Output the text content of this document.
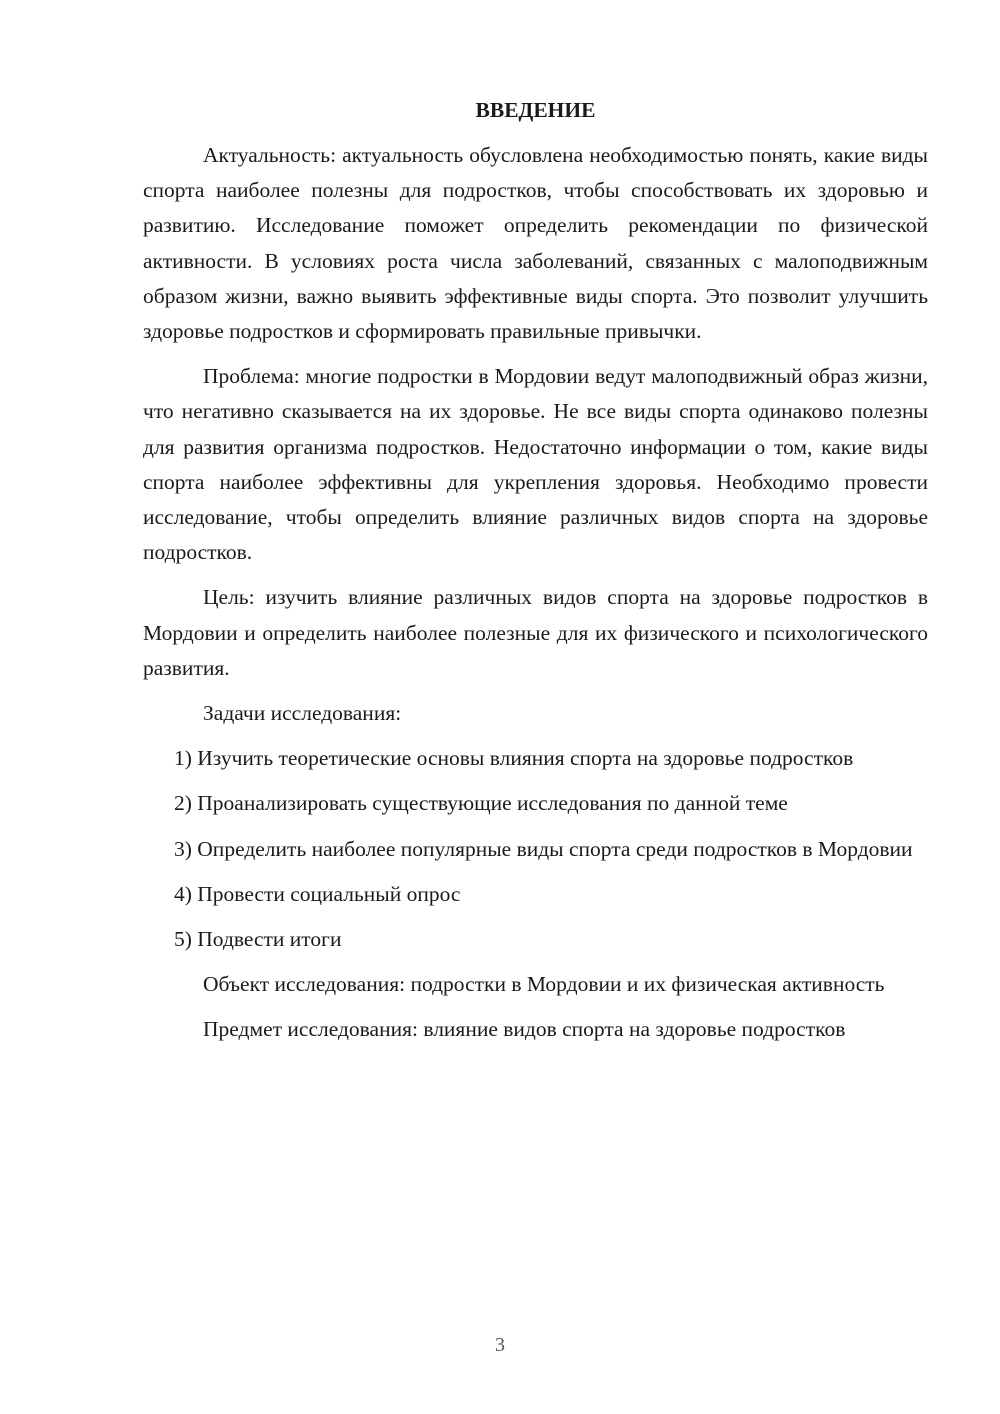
ВВЕДЕНИЕ

Актуальность: актуальность обусловлена необходимостью понять, какие виды спорта наиболее полезны для подростков, чтобы способствовать их здоровью и развитию. Исследование поможет определить рекомендации по физической активности. В условиях роста числа заболеваний, связанных с малоподвижным образом жизни, важно выявить эффективные виды спорта. Это позволит улучшить здоровье подростков и сформировать правильные привычки.

Проблема: многие подростки в Мордовии ведут малоподвижный образ жизни, что негативно сказывается на их здоровье. Не все виды спорта одинаково полезны для развития организма подростков. Недостаточно информации о том, какие виды спорта наиболее эффективны для укрепления здоровья. Необходимо провести исследование, чтобы определить влияние различных видов спорта на здоровье подростков.

Цель: изучить влияние различных видов спорта на здоровье подростков в Мордовии и определить наиболее полезные для их физического и психологического развития.

Задачи исследования:

1) Изучить теоретические основы влияния спорта на здоровье подростков

2) Проанализировать существующие исследования по данной теме

3) Определить наиболее популярные виды спорта среди подростков в Мордовии

4) Провести социальный опрос

5) Подвести итоги

Объект исследования: подростки в Мордовии и их физическая активность

Предмет исследования: влияние видов спорта на здоровье подростков

3
